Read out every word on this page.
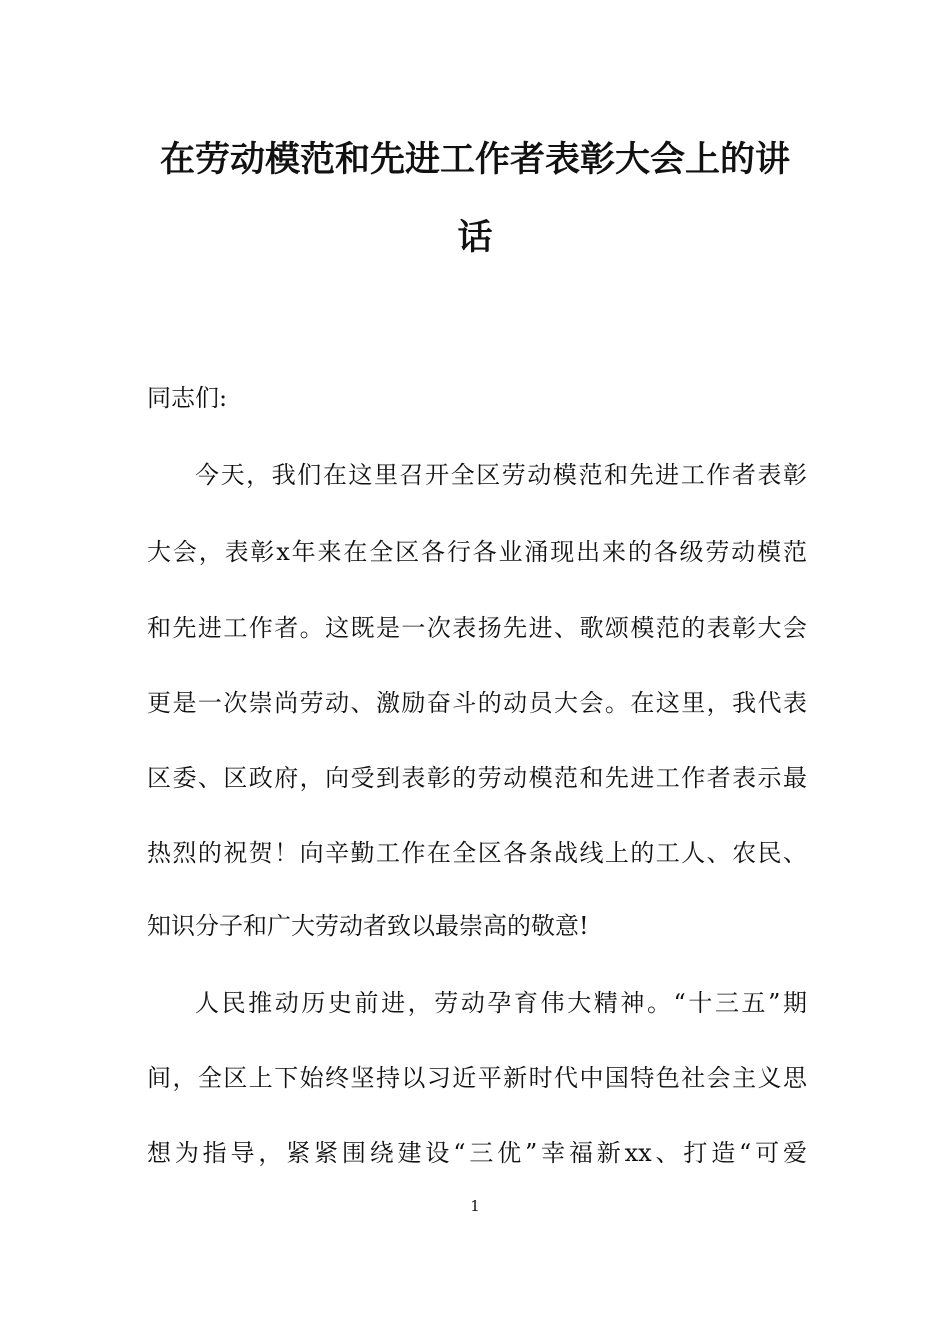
在劳动模范和先进工作者表彰大会上的讲
话
同志们:
今天，我们在这里召开全区劳动模范和先进工作者表彰
大会，表彰x年来在全区各行各业涌现出来的各级劳动模范
和先进工作者。这既是一次表扬先进、歌颂模范的表彰大会
更是一次崇尚劳动、激励奋斗的动员大会。在这里，我代表
区委、区政府，向受到表彰的劳动模范和先进工作者表示最
热烈的祝贺！向辛勤工作在全区各条战线上的工人、农民、
知识分子和广大劳动者致以最崇高的敬意!
人民推动历史前进，劳动孕育伟大精神。“十三五”期
间，全区上下始终坚持以习近平新时代中国特色社会主义思
想为指导，紧紧围绕建设“三优”幸福新xx、打造“可爱
1
